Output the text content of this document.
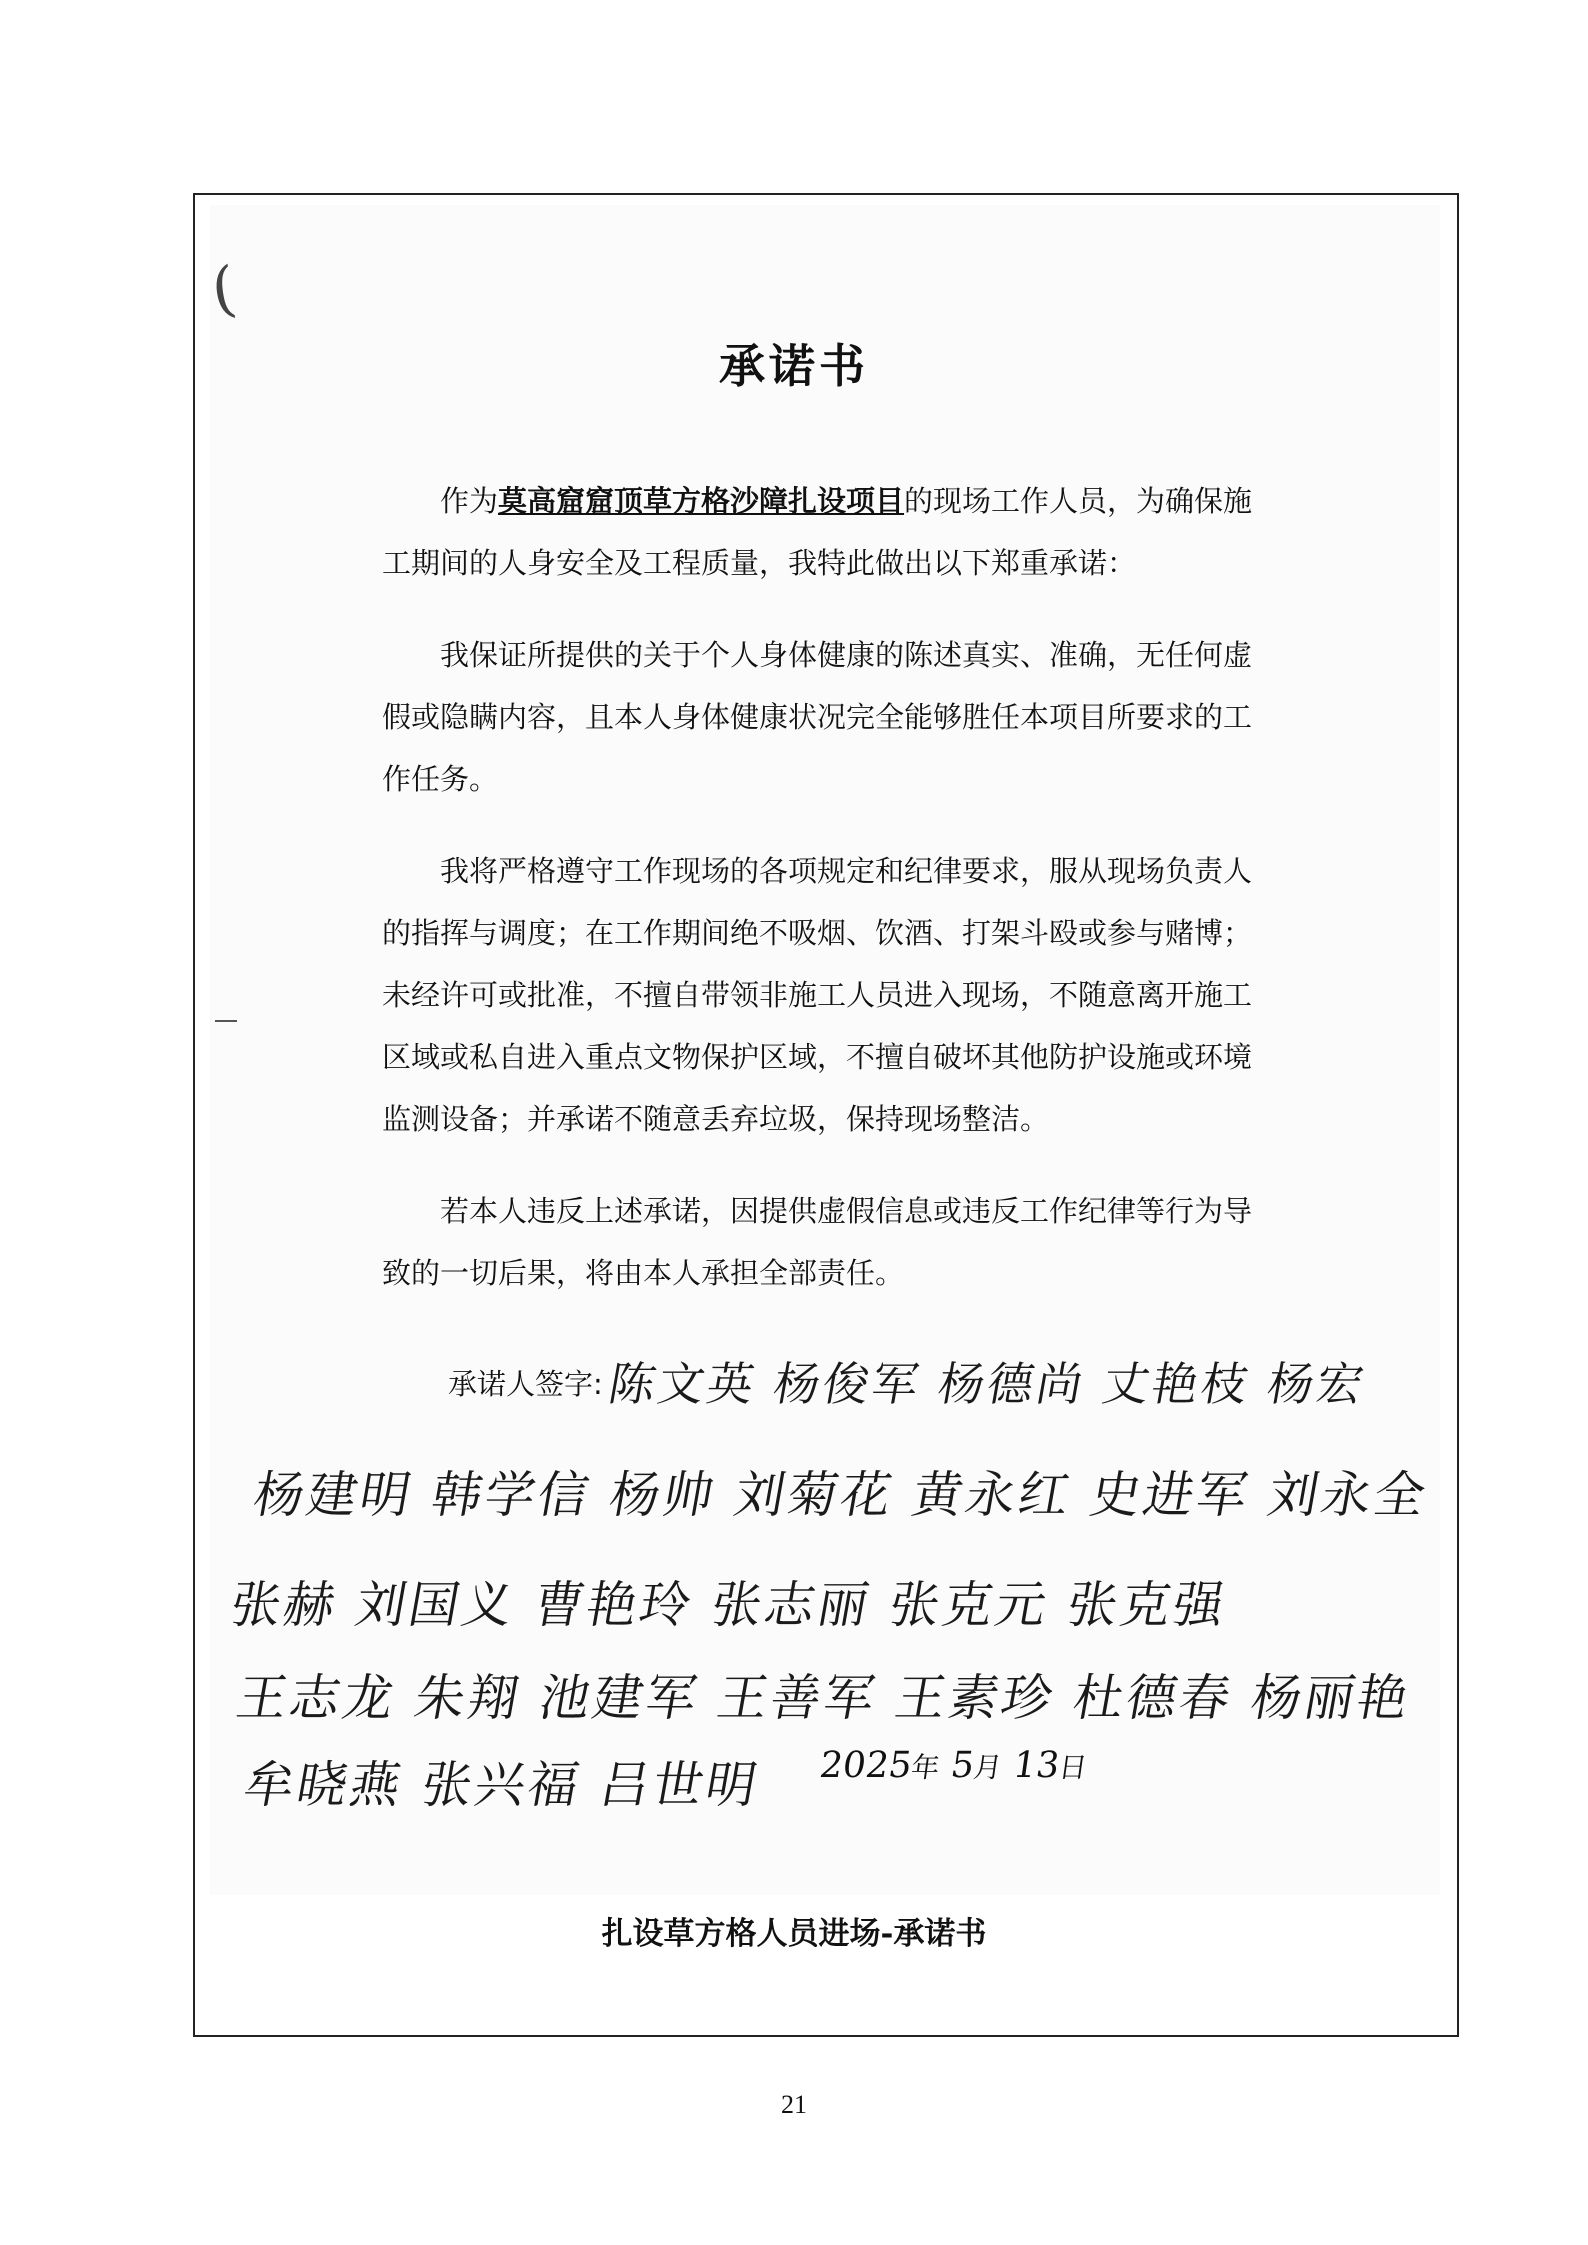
(
承诺书

作为莫高窟窟顶草方格沙障扎设项目的现场工作人员，为确保施工期间的人身安全及工程质量，我特此做出以下郑重承诺：

我保证所提供的关于个人身体健康的陈述真实、准确，无任何虚假或隐瞒内容，且本人身体健康状况完全能够胜任本项目所要求的工作任务。

我将严格遵守工作现场的各项规定和纪律要求，服从现场负责人的指挥与调度；在工作期间绝不吸烟、饮酒、打架斗殴或参与赌博；未经许可或批准，不擅自带领非施工人员进入现场，不随意离开施工区域或私自进入重点文物保护区域，不擅自破坏其他防护设施或环境监测设备；并承诺不随意丢弃垃圾，保持现场整洁。

若本人违反上述承诺，因提供虚假信息或违反工作纪律等行为导致的一切后果，将由本人承担全部责任。

承诺人签字: 陈文英 杨俊军 杨德尚 丈艳枝 杨宏
杨建明 韩学信 杨帅 刘菊花 黄永红 史进军 刘永全
张赫 刘国义 曹艳玲 张志丽 张克元 张克强
王志龙 朱翔 池建军 王善军 王素珍 杜德春 杨丽艳
牟晓燕 张兴福 吕世明 2025年 5月 13日
扎设草方格人员进场-承诺书
21
